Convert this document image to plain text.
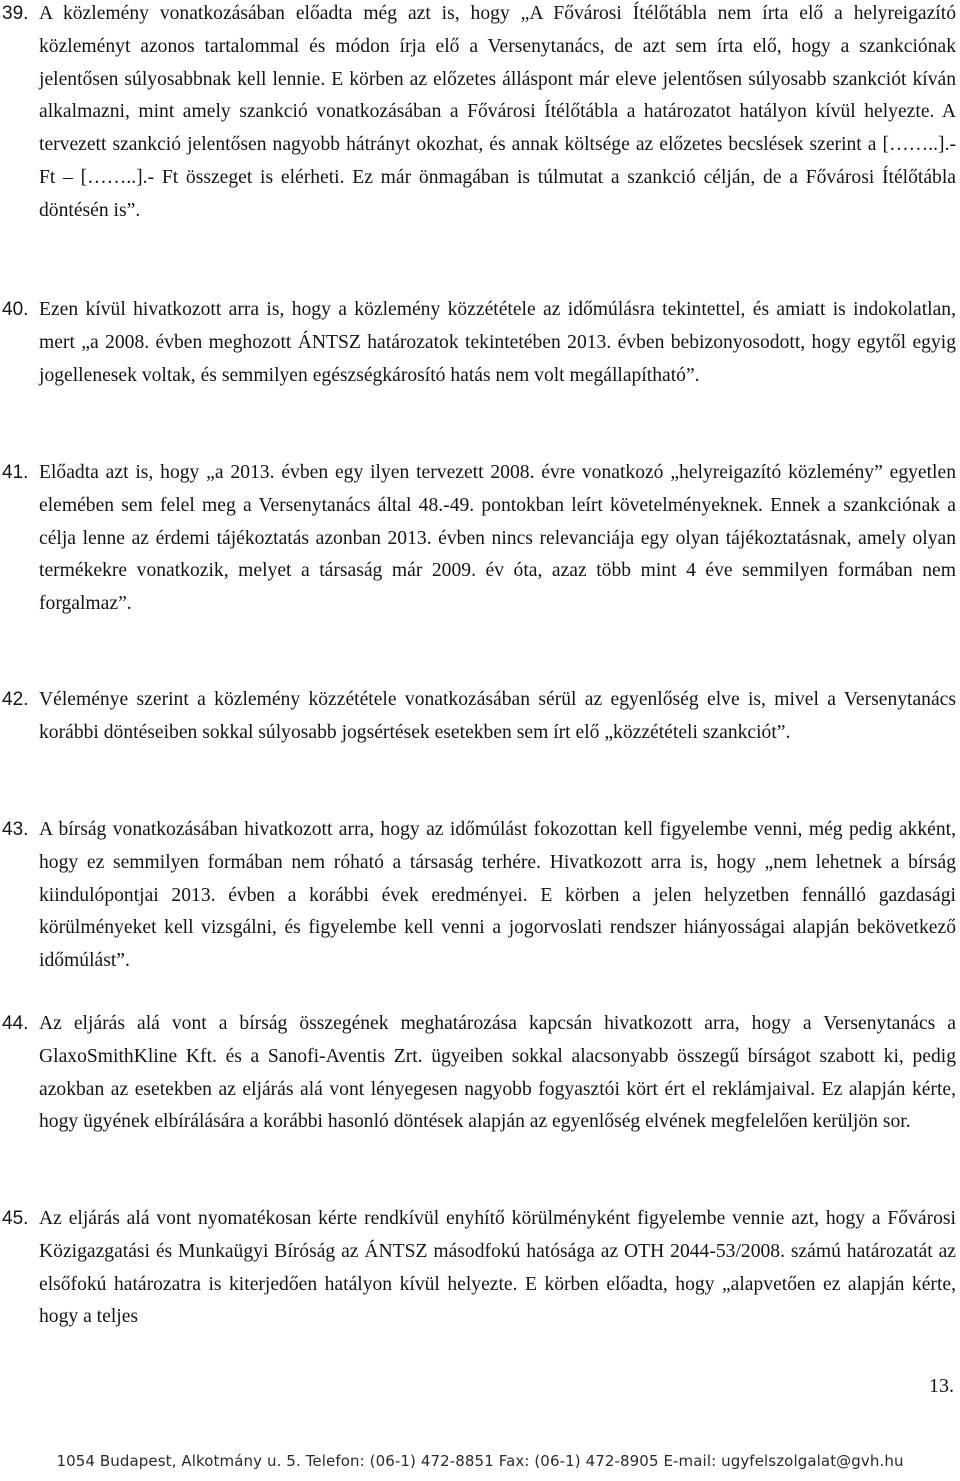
39. A közlemény vonatkozásában előadta még azt is, hogy „A Fővárosi Ítélőtábla nem írta elő a helyreigazító közleményt azonos tartalommal és módon írja elő a Versenytanács, de azt sem írta elő, hogy a szankciónak jelentősen súlyosabbnak kell lennie. E körben az előzetes álláspont már eleve jelentősen súlyosabb szankciót kíván alkalmazni, mint amely szankció vonatkozásában a Fővárosi Ítélőtábla a határozatot hatályon kívül helyezte. A tervezett szankció jelentősen nagyobb hátrányt okozhat, és annak költsége az előzetes becslések szerint a [……..].- Ft – [……..].- Ft összeget is elérheti. Ez már önmagában is túlmutat a szankció célján, de a Fővárosi Ítélőtábla döntésén is”.
40. Ezen kívül hivatkozott arra is, hogy a közlemény közzététele az időmúlásra tekintettel, és amiatt is indokolatlan, mert „a 2008. évben meghozott ÁNTSZ határozatok tekintetében 2013. évben bebizonyosodott, hogy egytől egyig jogellenesek voltak, és semmilyen egészségkárosító hatás nem volt megállapítható”.
41. Előadta azt is, hogy „a 2013. évben egy ilyen tervezett 2008. évre vonatkozó „helyreigazító közlemény” egyetlen elemében sem felel meg a Versenytanács által 48.-49. pontokban leírt követelményeknek. Ennek a szankciónak a célja lenne az érdemi tájékoztatás azonban 2013. évben nincs relevanciája egy olyan tájékoztatásnak, amely olyan termékekre vonatkozik, melyet a társaság már 2009. év óta, azaz több mint 4 éve semmilyen formában nem forgalmaz”.
42. Véleménye szerint a közlemény közzététele vonatkozásában sérül az egyenlőség elve is, mivel a Versenytanács korábbi döntéseiben sokkal súlyosabb jogsértések esetekben sem írt elő „közzétételi szankciót”.
43. A bírság vonatkozásában hivatkozott arra, hogy az időmúlást fokozottan kell figyelembe venni, még pedig akként, hogy ez semmilyen formában nem róható a társaság terhére. Hivatkozott arra is, hogy „nem lehetnek a bírság kiindulópontjai 2013. évben a korábbi évek eredményei. E körben a jelen helyzetben fennálló gazdasági körülményeket kell vizsgálni, és figyelembe kell venni a jogorvoslati rendszer hiányosságai alapján bekövetkező időmúlást”.
44. Az eljárás alá vont a bírság összegének meghatározása kapcsán hivatkozott arra, hogy a Versenytanács a GlaxoSmithKline Kft. és a Sanofi-Aventis Zrt. ügyeiben sokkal alacsonyabb összegű bírságot szabott ki, pedig azokban az esetekben az eljárás alá vont lényegesen nagyobb fogyasztói kört ért el reklámjaival. Ez alapján kérte, hogy ügyének elbírálására a korábbi hasonló döntések alapján az egyenlőség elvének megfelelően kerüljön sor.
45. Az eljárás alá vont nyomatékosan kérte rendkívül enyhítő körülményként figyelembe vennie azt, hogy a Fővárosi Közigazgatási és Munkaügyi Bíróság az ÁNTSZ másodfokú hatósága az OTH 2044-53/2008. számú határozatát az elsőfokú határozatra is kiterjedően hatályon kívül helyezte. E körben előadta, hogy „alapvetően ez alapján kérte, hogy a teljes
13.
1054 Budapest, Alkotmány u. 5. Telefon: (06-1) 472-8851 Fax: (06-1) 472-8905 E-mail: ugyfelszolgalat@gvh.hu
